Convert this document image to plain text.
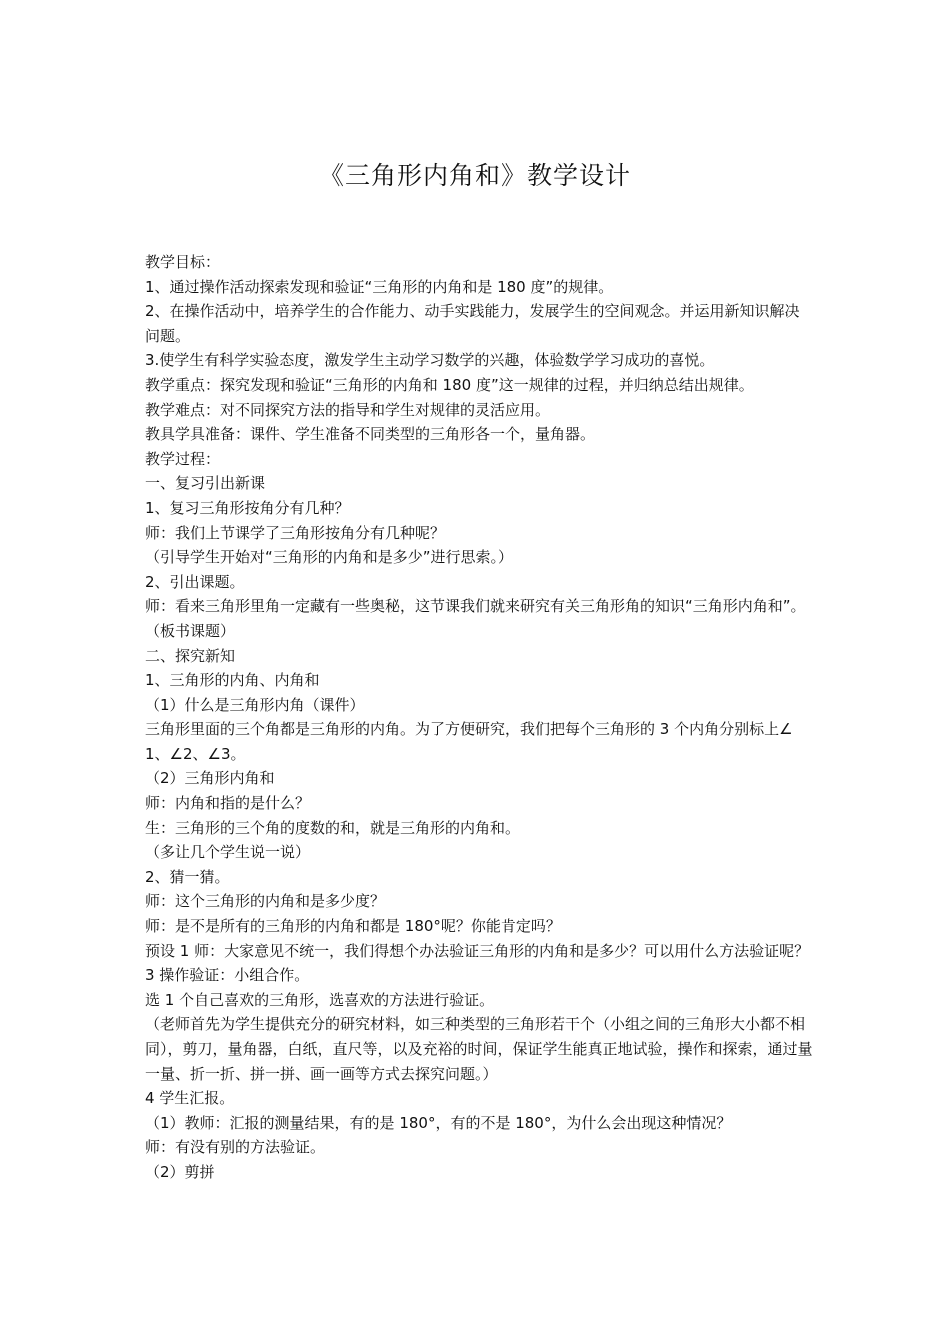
《三角形内角和》教学设计

教学目标：

1、通过操作活动探索发现和验证“三角形的内角和是 180 度”的规律。

2、在操作活动中，培养学生的合作能力、动手实践能力，发展学生的空间观念。并运用新知识解决问题。

3.使学生有科学实验态度，激发学生主动学习数学的兴趣，体验数学学习成功的喜悦。

教学重点：探究发现和验证“三角形的内角和 180 度”这一规律的过程，并归纳总结出规律。

教学难点：对不同探究方法的指导和学生对规律的灵活应用。

教具学具准备：课件、学生准备不同类型的三角形各一个，量角器。

教学过程：

一、复习引出新课

1、复习三角形按角分有几种？

师：我们上节课学了三角形按角分有几种呢？

（引导学生开始对“三角形的内角和是多少”进行思索。）

2、引出课题。

师：看来三角形里角一定藏有一些奥秘，这节课我们就来研究有关三角形角的知识“三角形内角和”。（板书课题）

二、探究新知

1、三角形的内角、内角和

（1）什么是三角形内角（课件）

三角形里面的三个角都是三角形的内角。为了方便研究，我们把每个三角形的 3 个内角分别标上∠1、∠2、∠3。

（2）三角形内角和

师：内角和指的是什么？

生：三角形的三个角的度数的和，就是三角形的内角和。

（多让几个学生说一说）

2、猜一猜。

师：这个三角形的内角和是多少度？

师：是不是所有的三角形的内角和都是 180°呢？你能肯定吗？

预设 1 师：大家意见不统一，我们得想个办法验证三角形的内角和是多少？可以用什么方法验证呢？

3 操作验证：小组合作。

选 1 个自己喜欢的三角形，选喜欢的方法进行验证。

（老师首先为学生提供充分的研究材料，如三种类型的三角形若干个（小组之间的三角形大小都不相同），剪刀，量角器，白纸，直尺等，以及充裕的时间，保证学生能真正地试验，操作和探索，通过量一量、折一折、拼一拼、画一画等方式去探究问题。）

4 学生汇报。

（1）教师：汇报的测量结果，有的是 180°，有的不是 180°，为什么会出现这种情况？

师：有没有别的方法验证。

（2）剪拼
